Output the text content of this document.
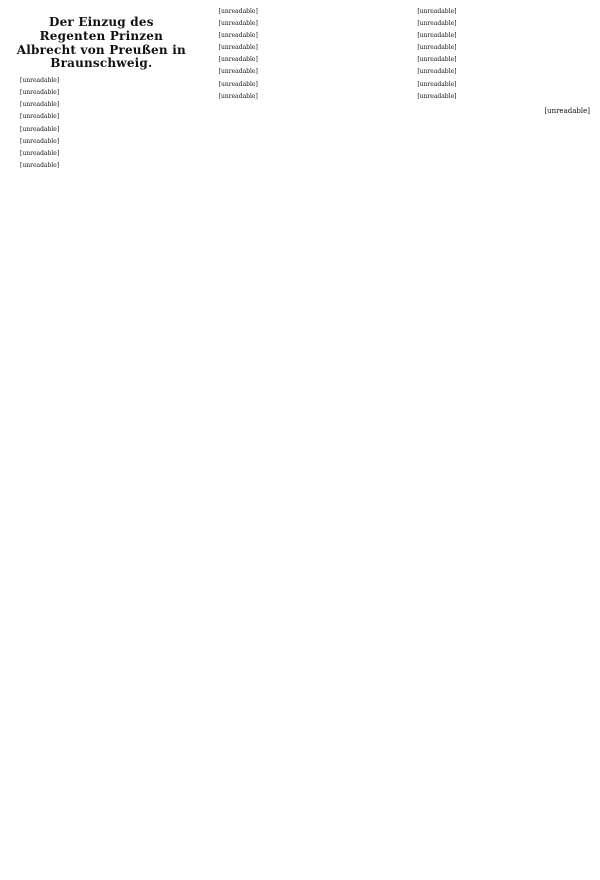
Der Einzug des Regenten Prinzen Albrecht von Preußen in Braunschweig.

[unreadable]

[unreadable]

[unreadable]

[unreadable]

[unreadable]

[unreadable]

[unreadable]

[unreadable]

[unreadable]

[unreadable]

[unreadable]

[unreadable]

[unreadable]

[unreadable]

[unreadable]

[unreadable]

[unreadable]

[unreadable]

[unreadable]

[unreadable]

[unreadable]

[unreadable]

[unreadable]

[unreadable]

[unreadable]
